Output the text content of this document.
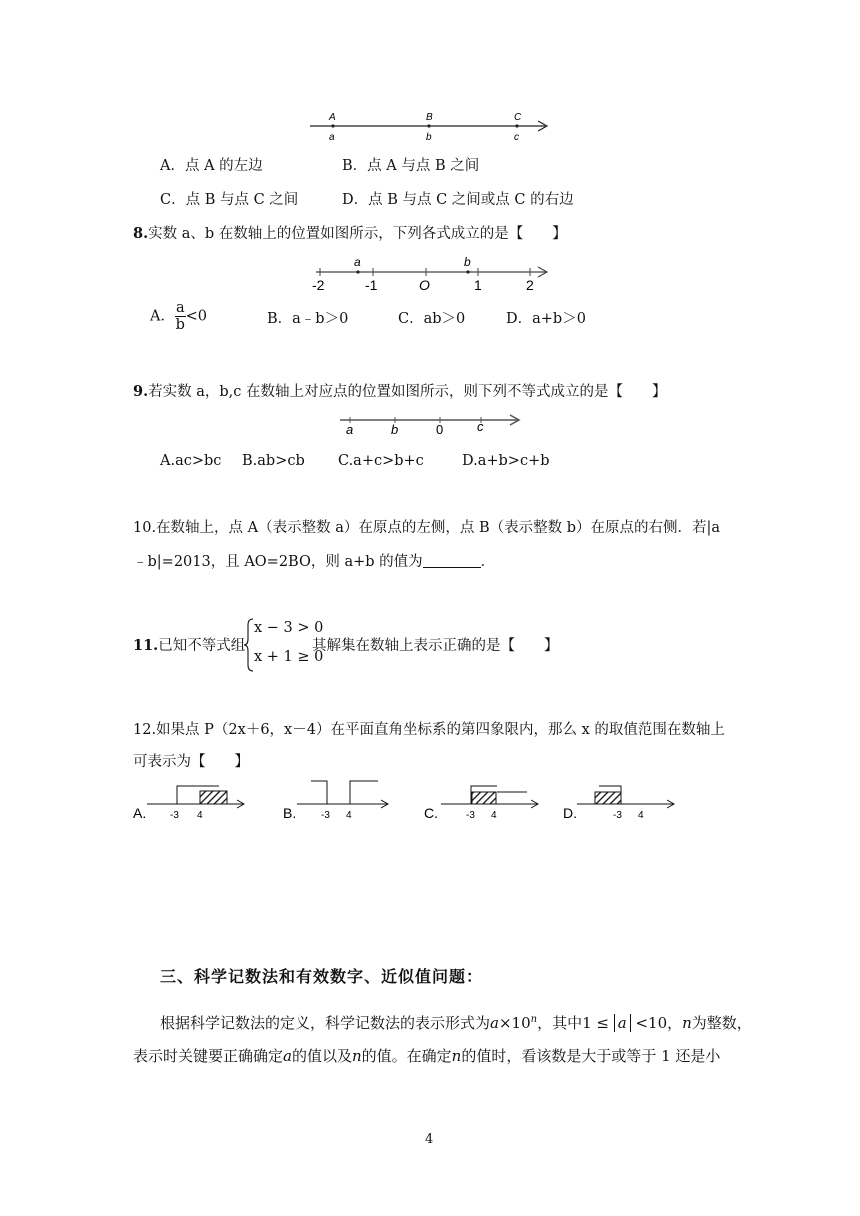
A	B	C
a	b	c
A．点 A 的左边	B．点 A 与点 B 之间
C．点 B 与点 C 之间	D．点 B 与点 C 之间或点 C 的右边
8.实数 a、b 在数轴上的位置如图所示，下列各式成立的是【　　】
a	b
-2	-1	O	1	2
A． $\frac{a}{b} <0$	B．a﹣b＞0	C．ab＞0	D．a+b＞0
9.若实数 a，b,c 在数轴上对应点的位置如图所示，则下列不等式成立的是【　　】
a	b	0	c
A.ac>bc B.ab>cb C.a+c>b+c	D.a+b>c+b
10.在数轴上，点 A（表示整数 a）在原点的左侧，点 B（表示整数 b）在原点的右侧．若|a
﹣b|=2013，且 AO=2BO，则 a+b 的值为	．
11.已知不等式组
x − 3 > 0
x + 1 ≥ 0
其解集在数轴上表示正确的是【　　】
12.如果点 P（2x＋6，x－4）在平面直角坐标系的第四象限内，那么 x 的取值范围在数轴上
可表示为【　　】
A. -3 4	B. -3 4	C.	-3 4	D.	-3 4
三、科学记数法和有效数字、近似值问题：
根据科学记数法的定义，科学记数法的表示形式为$a\times 10^n$，其中1 ≤ a <10，n为整数，
表示时关键要正确确定a的值以及n的值。在确定n的值时，看该数是大于或等于 1 还是小
4
